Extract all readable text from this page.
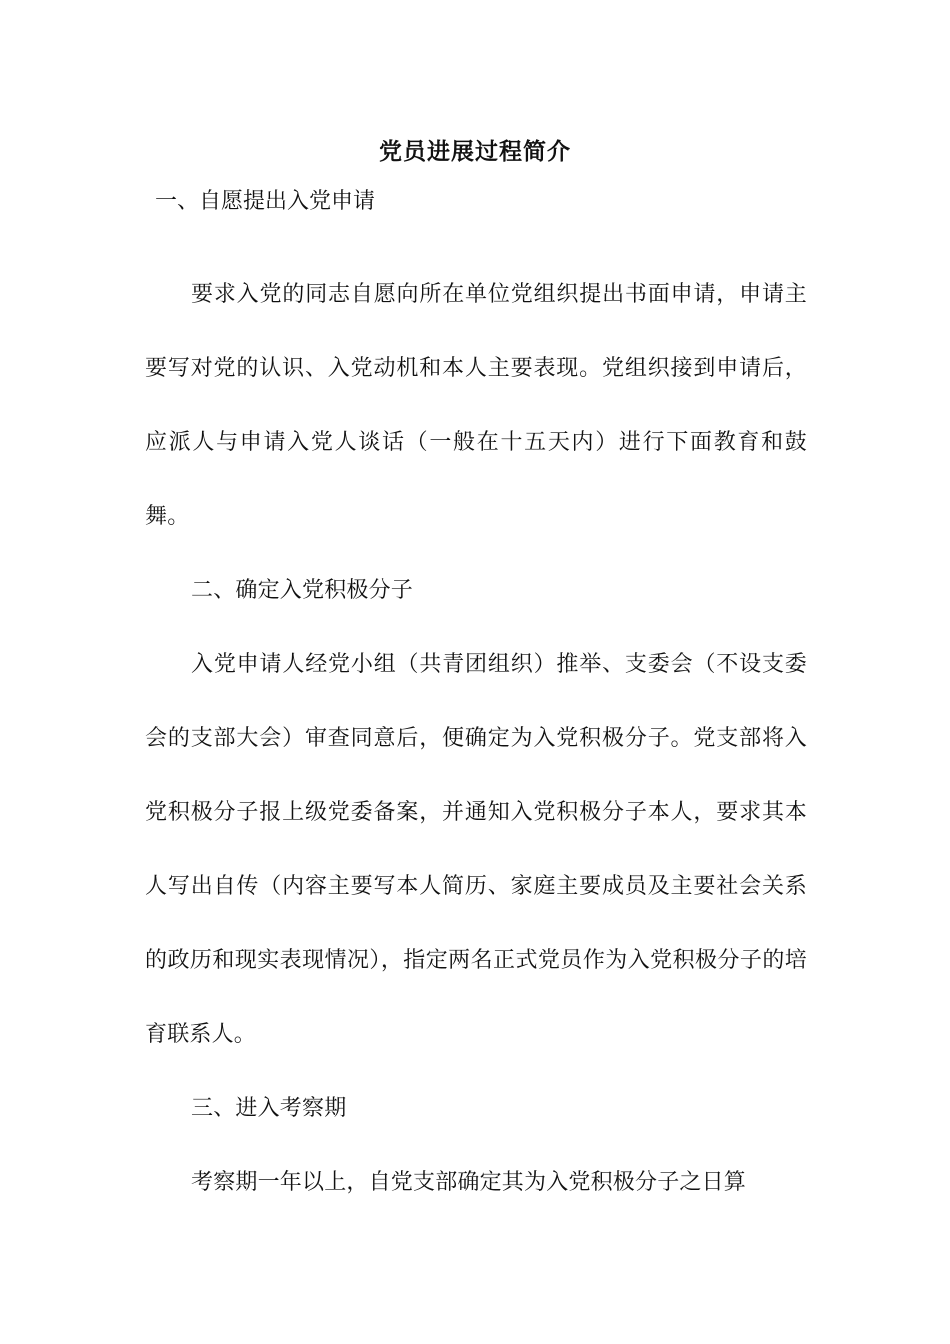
党员进展过程简介

一、自愿提出入党申请

要求入党的同志自愿向所在单位党组织提出书面申请，申请主要写对党的认识、入党动机和本人主要表现。党组织接到申请后，应派人与申请入党人谈话（一般在十五天内）进行下面教育和鼓舞。

二、确定入党积极分子

入党申请人经党小组（共青团组织）推举、支委会（不设支委会的支部大会）审查同意后，便确定为入党积极分子。党支部将入党积极分子报上级党委备案，并通知入党积极分子本人，要求其本人写出自传（内容主要写本人简历、家庭主要成员及主要社会关系的政历和现实表现情况），指定两名正式党员作为入党积极分子的培育联系人。

三、进入考察期

考察期一年以上，自党支部确定其为入党积极分子之日算
